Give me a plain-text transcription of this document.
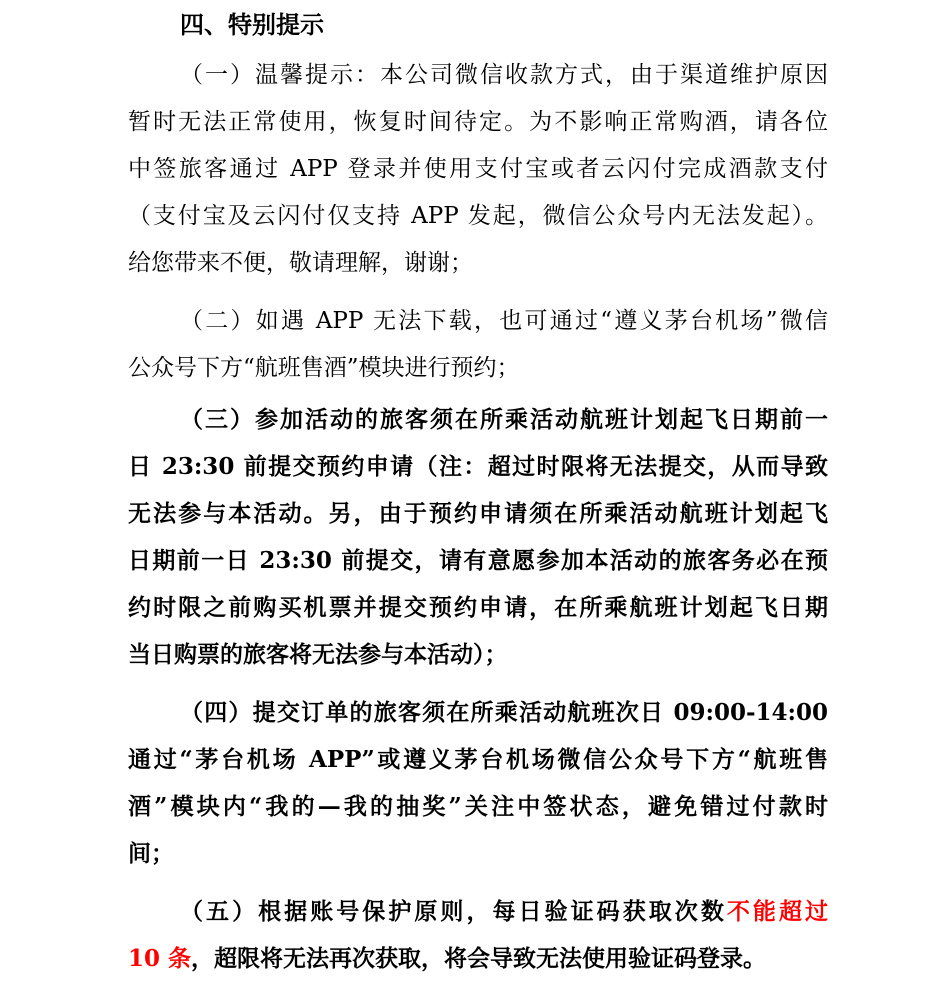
四、特别提示
（一）温馨提示：本公司微信收款方式，由于渠道维护原因
暂时无法正常使用，恢复时间待定。为不影响正常购酒，请各位
中签旅客通过 APP 登录并使用支付宝或者云闪付完成酒款支付
（支付宝及云闪付仅支持 APP 发起，微信公众号内无法发起）。
给您带来不便，敬请理解，谢谢；
（二）如遇 APP 无法下载，也可通过“遵义茅台机场”微信
公众号下方“航班售酒”模块进行预约；
（三）参加活动的旅客须在所乘活动航班计划起飞日期前一
日 23:30 前提交预约申请（注：超过时限将无法提交，从而导致
无法参与本活动。另，由于预约申请须在所乘活动航班计划起飞
日期前一日 23:30 前提交，请有意愿参加本活动的旅客务必在预
约时限之前购买机票并提交预约申请，在所乘航班计划起飞日期
当日购票的旅客将无法参与本活动）；
（四）提交订单的旅客须在所乘活动航班次日 09:00-14:00
通过“茅台机场 APP”或遵义茅台机场微信公众号下方“航班售
酒”模块内“我的—我的抽奖”关注中签状态，避免错过付款时
间；
（五）根据账号保护原则，每日验证码获取次数不能超过
10 条，超限将无法再次获取，将会导致无法使用验证码登录。
